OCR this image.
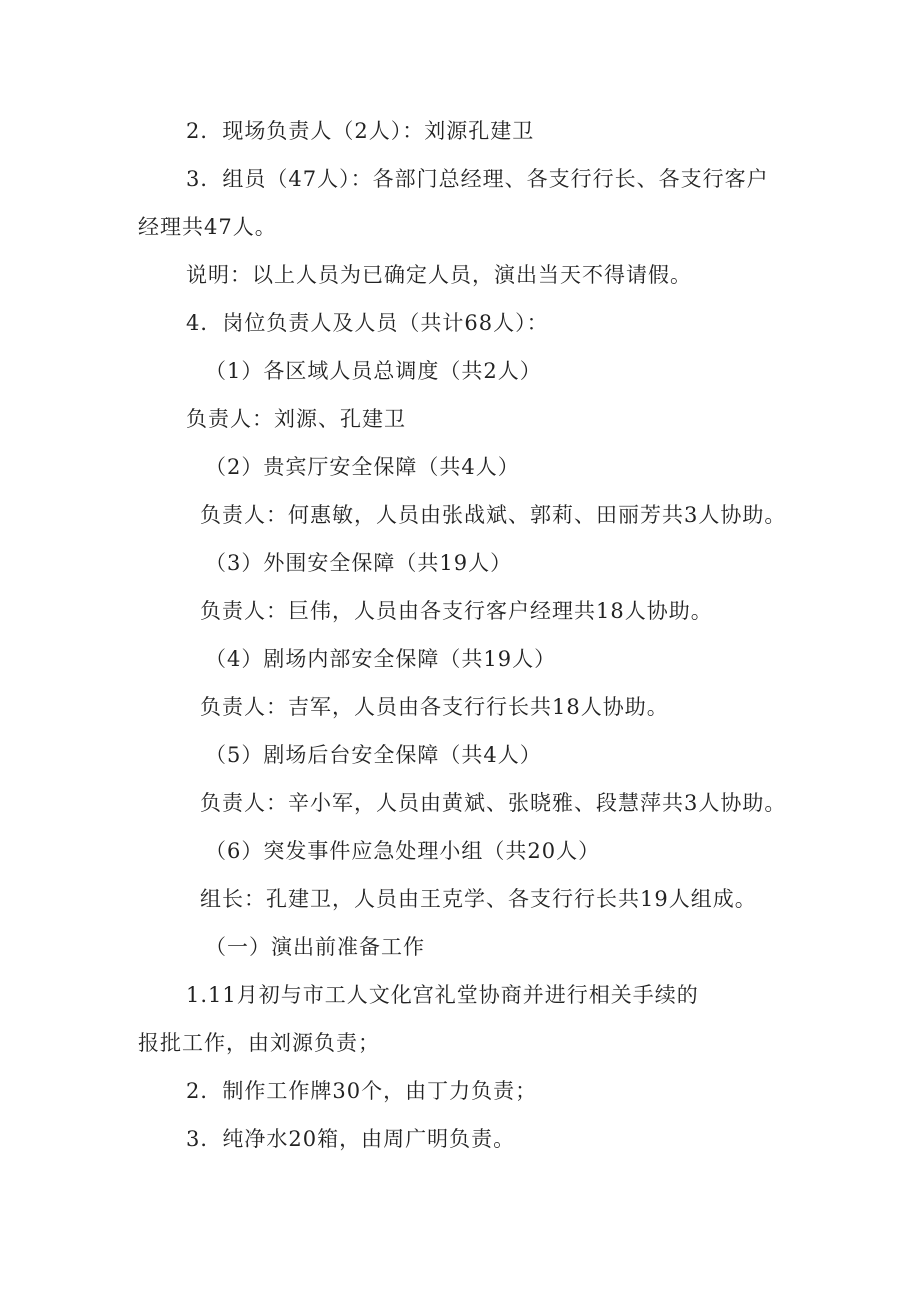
2．现场负责人（2人）：刘源孔建卫
3．组员（47人）：各部门总经理、各支行行长、各支行客户
经理共47人。
说明：以上人员为已确定人员，演出当天不得请假。
4．岗位负责人及人员（共计68人）：
（1）各区域人员总调度（共2人）
负责人：刘源、孔建卫
（2）贵宾厅安全保障（共4人）
负责人：何惠敏，人员由张战斌、郭莉、田丽芳共3人协助。
（3）外围安全保障（共19人）
负责人：巨伟，人员由各支行客户经理共18人协助。
（4）剧场内部安全保障（共19人）
负责人：吉军，人员由各支行行长共18人协助。
（5）剧场后台安全保障（共4人）
负责人：辛小军，人员由黄斌、张晓雅、段慧萍共3人协助。
（6）突发事件应急处理小组（共20人）
组长：孔建卫，人员由王克学、各支行行长共19人组成。
（一）演出前准备工作
1.11月初与市工人文化宫礼堂协商并进行相关手续的
报批工作，由刘源负责；
2．制作工作牌30个，由丁力负责；
3．纯净水20箱，由周广明负责。
